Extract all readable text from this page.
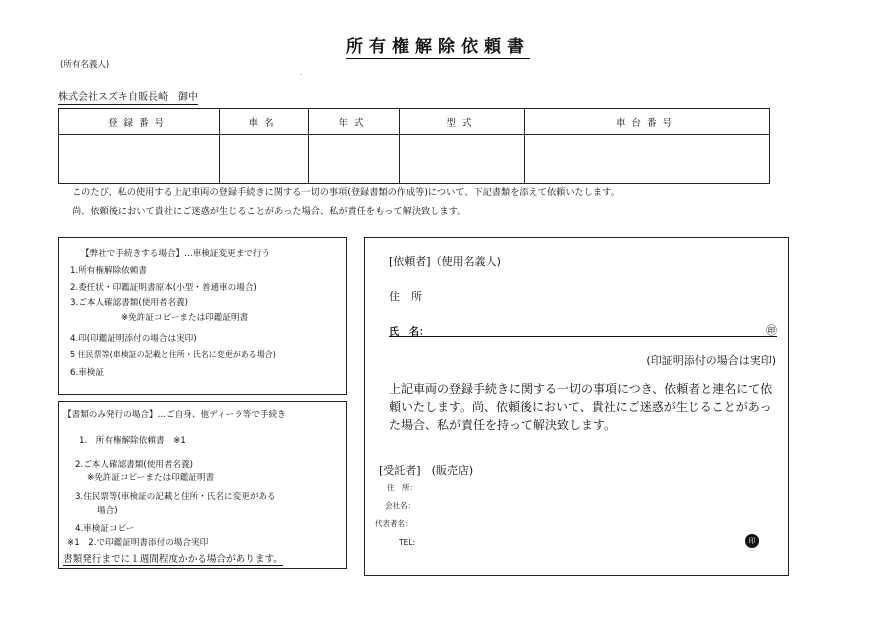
所有権解除依頼書
(所有名義人)
.
株式会社スズキ自販長崎　御中
登録番号	車名	年式	型式	車台番号

このたび、私の使用する上記車両の登録手続きに関する一切の事項(登録書類の作成等)について、下記書類を添えて依頼いたします。
尚、依頼後において貴社にご迷惑が生じることがあった場合、私が責任をもって解決致します。
【弊社で手続きする場合】…車検証変更まで行う
1.所有権解除依頼書
2.委任状・印鑑証明書原本(小型・普通車の場合)
3.ご本人確認書類(使用者名義)
※免許証コピーまたは印鑑証明書
4.印(印鑑証明添付の場合は実印)
5 住民票等(車検証の記載と住所・氏名に変更がある場合)
6.車検証
【書類のみ発行の場合】…ご自身、他ディーラ等で手続き
1.　所有権解除依頼書　※1
2.ご本人確認書類(使用者名義)
※免許証コピーまたは印鑑証明書
3.住民票等(車検証の記載と住所・氏名に変更がある
場合)
4.車検証コピー
※1　2.で印鑑証明書添付の場合実印
書類発行までに１週間程度かかる場合があります。
[依頼者]（使用名義人)
住　所
氏　名：	㊞
(印証明添付の場合は実印)
上記車両の登録手続きに関する一切の事項につき、依頼者と連名にて依頼いたします。尚、依頼後において、貴社にご迷惑が生じることがあった場合、私が責任を持って解決致します。
[受託者]　(販売店)
住　所：
会社名：
代表者名：
TEL:	印
